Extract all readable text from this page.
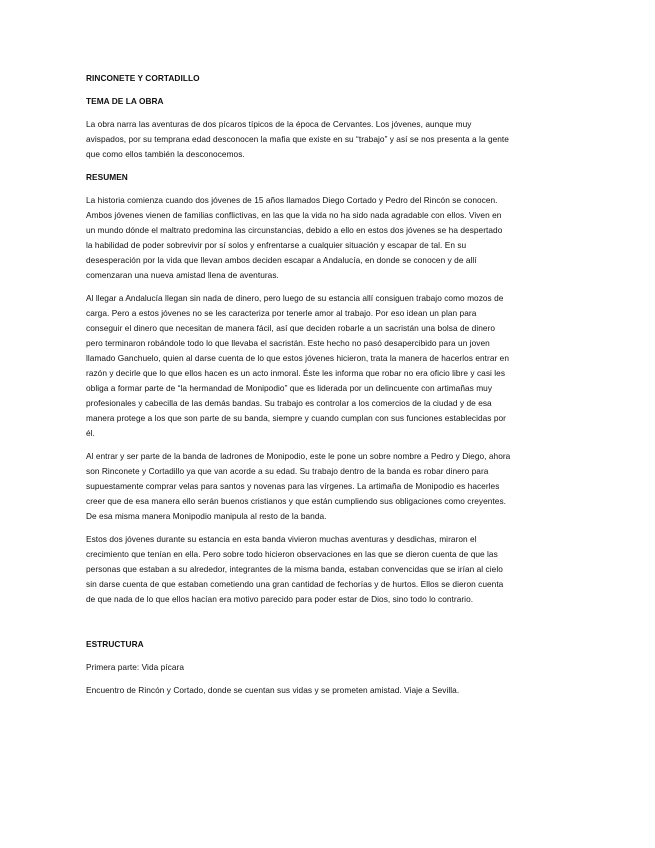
RINCONETE Y CORTADILLO

TEMA DE LA OBRA

La obra narra las aventuras de dos pícaros típicos de la época de Cervantes. Los jóvenes, aunque muy avispados, por su temprana edad desconocen la mafia que existe en su “trabajo” y así se nos presenta a la gente que como ellos también la desconocemos.

RESUMEN

La historia comienza cuando dos jóvenes de 15 años llamados Diego Cortado y Pedro del Rincón se conocen. Ambos jóvenes vienen de familias conflictivas, en las que la vida no ha sido nada agradable con ellos. Viven en un mundo dónde el maltrato predomina las circunstancias, debido a ello en estos dos jóvenes se ha despertado la habilidad de poder sobrevivir por sí solos y enfrentarse a cualquier situación y escapar de tal. En su desesperación por la vida que llevan ambos deciden escapar a Andalucía, en donde se conocen y de allí comenzaran una nueva amistad llena de aventuras.

Al llegar a Andalucía llegan sin nada de dinero, pero luego de su estancia allí consiguen trabajo como mozos de carga. Pero a estos jóvenes no se les caracteriza por tenerle amor al trabajo. Por eso idean un plan para conseguir el dinero que necesitan de manera fácil, así que deciden robarle a un sacristán una bolsa de dinero pero terminaron robándole todo lo que llevaba el sacristán. Este hecho no pasó desapercibido para un joven llamado Ganchuelo, quien al darse cuenta de lo que estos jóvenes hicieron, trata la manera de hacerlos entrar en razón y decirle que lo que ellos hacen es un acto inmoral. Éste les informa que robar no era oficio libre y casi les obliga a formar parte de “la hermandad de Monipodio” que es liderada por un delincuente con artimañas muy profesionales y cabecilla de las demás bandas. Su trabajo es controlar a los comercios de la ciudad y de esa manera protege a los que son parte de su banda, siempre y cuando cumplan con sus funciones establecidas por él.

Al entrar y ser parte de la banda de ladrones de Monipodio, este le pone un sobre nombre a Pedro y Diego, ahora son Rinconete y Cortadillo ya que van acorde a su edad. Su trabajo dentro de la banda es robar dinero para supuestamente comprar velas para santos y novenas para las vírgenes. La artimaña de Monipodio es hacerles creer que de esa manera ello serán buenos cristianos y que están cumpliendo sus obligaciones como creyentes. De esa misma manera Monipodio manipula al resto de la banda.

Estos dos jóvenes durante su estancia en esta banda vivieron muchas aventuras y desdichas, miraron el crecimiento que tenían en ella. Pero sobre todo hicieron observaciones en las que se dieron cuenta de que las personas que estaban a su alrededor, integrantes de la misma banda, estaban convencidas que se irían al cielo sin darse cuenta de que estaban cometiendo una gran cantidad de fechorías y de hurtos. Ellos se dieron cuenta de que nada de lo que ellos hacían era motivo parecido para poder estar de Dios, sino todo lo contrario.

ESTRUCTURA

Primera parte: Vida pícara

Encuentro de Rincón y Cortado, donde se cuentan sus vidas y se prometen amistad. Viaje a Sevilla.
